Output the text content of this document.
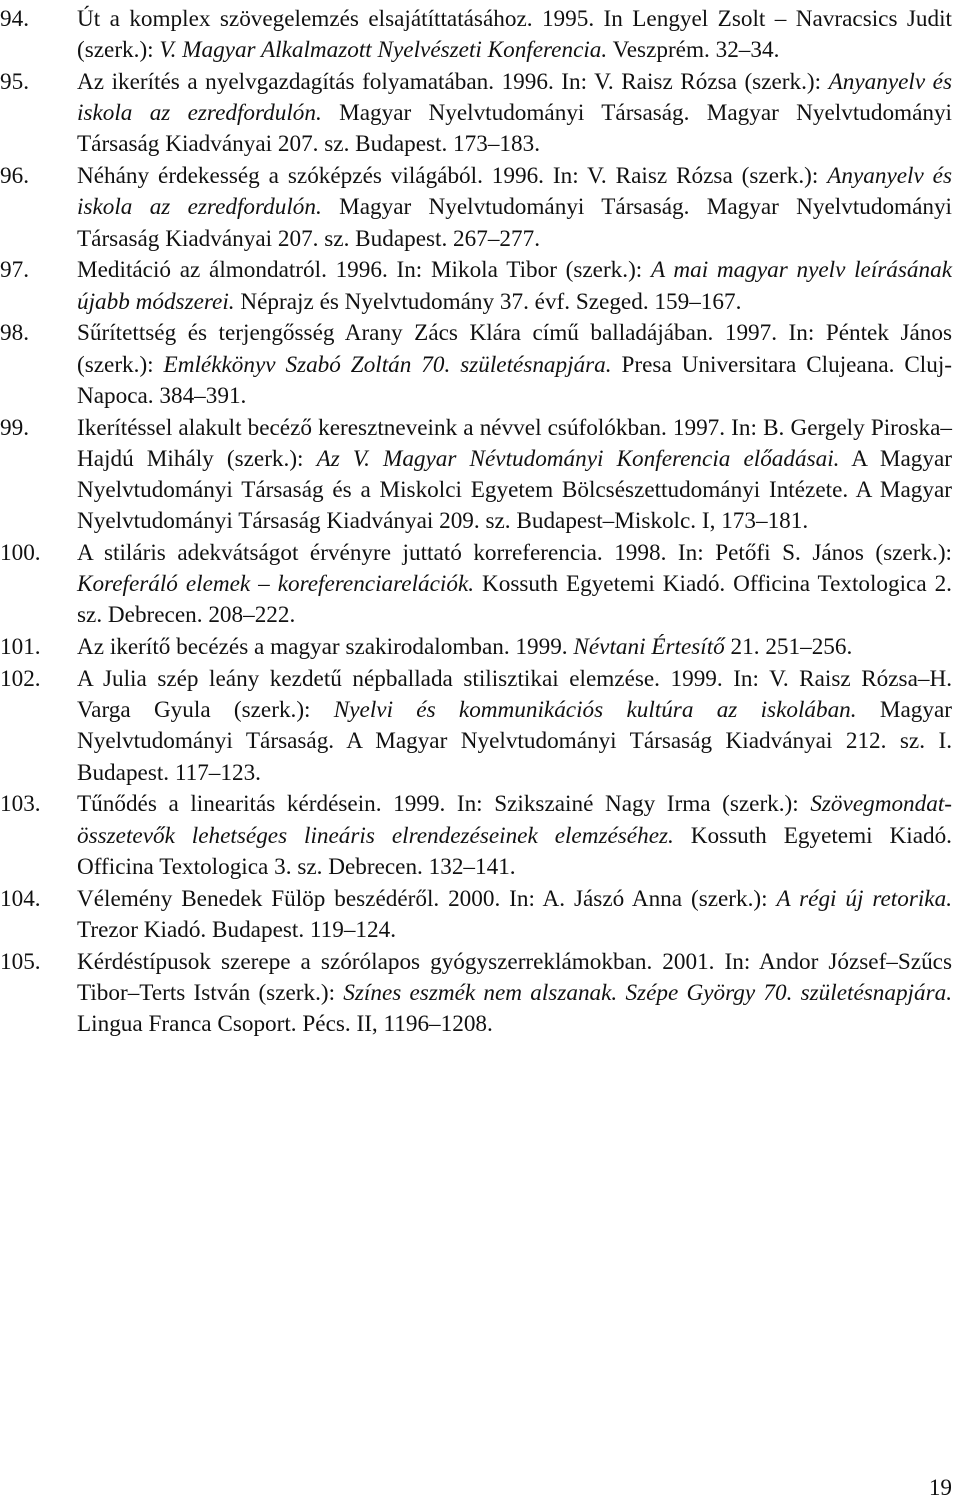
94. Út a komplex szövegelemzés elsajátíttatásához. 1995. In Lengyel Zsolt – Navracsics Judit (szerk.): V. Magyar Alkalmazott Nyelvészeti Konferencia. Veszprém. 32–34.
95. Az ikerítés a nyelvgazdagítás folyamatában. 1996. In: V. Raisz Rózsa (szerk.): Anyanyelv és iskola az ezredfordulón. Magyar Nyelvtudományi Társaság. Magyar Nyelvtudományi Társaság Kiadványai 207. sz. Budapest. 173–183.
96. Néhány érdekesség a szóképzés világából. 1996. In: V. Raisz Rózsa (szerk.): Anyanyelv és iskola az ezredfordulón. Magyar Nyelvtudományi Társaság. Magyar Nyelvtudományi Társaság Kiadványai 207. sz. Budapest. 267–277.
97. Meditáció az álmondatról. 1996. In: Mikola Tibor (szerk.): A mai magyar nyelv leírásának újabb módszerei. Néprajz és Nyelvtudomány 37. évf. Szeged. 159–167.
98. Sűrítettség és terjengősség Arany Zács Klára című balladájában. 1997. In: Péntek János (szerk.): Emlékkönyv Szabó Zoltán 70. születésnapjára. Presa Universitara Clujeana. Cluj-Napoca. 384–391.
99. Ikerítéssel alakult becéző keresztneveink a névvel csúfolókban. 1997. In: B. Gergely Piroska–Hajdú Mihály (szerk.): Az V. Magyar Névtudományi Konferencia előadásai. A Magyar Nyelvtudományi Társaság és a Miskolci Egyetem Bölcsészettudományi Intézete. A Magyar Nyelvtudományi Társaság Kiadványai 209. sz. Budapest–Miskolc. I, 173–181.
100. A stiláris adekvátságot érvényre juttató korreferencia. 1998. In: Petőfi S. János (szerk.): Koreferáló elemek – koreferenciarelációk. Kossuth Egyetemi Kiadó. Officina Textologica 2. sz. Debrecen. 208–222.
101. Az ikerítő becézés a magyar szakirodalomban. 1999. Névtani Értesítő 21. 251–256.
102. A Julia szép leány kezdetű népballada stilisztikai elemzése. 1999. In: V. Raisz Rózsa–H. Varga Gyula (szerk.): Nyelvi és kommunikációs kultúra az iskolában. Magyar Nyelvtudományi Társaság. A Magyar Nyelvtudományi Társaság Kiadványai 212. sz. I. Budapest. 117–123.
103. Tűnődés a linearitás kérdésein. 1999. In: Szikszainé Nagy Irma (szerk.): Szövegmondat-összetevők lehetséges lineáris elrendezéseinek elemzéséhez. Kossuth Egyetemi Kiadó. Officina Textologica 3. sz. Debrecen. 132–141.
104. Vélemény Benedek Fülöp beszédéről. 2000. In: A. Jászó Anna (szerk.): A régi új retorika. Trezor Kiadó. Budapest. 119–124.
105. Kérdéstípusok szerepe a szórólapos gyógyszerreklámokban. 2001. In: Andor József–Szűcs Tibor–Terts István (szerk.): Színes eszmék nem alszanak. Szépe György 70. születésnapjára. Lingua Franca Csoport. Pécs. II, 1196–1208.
19
